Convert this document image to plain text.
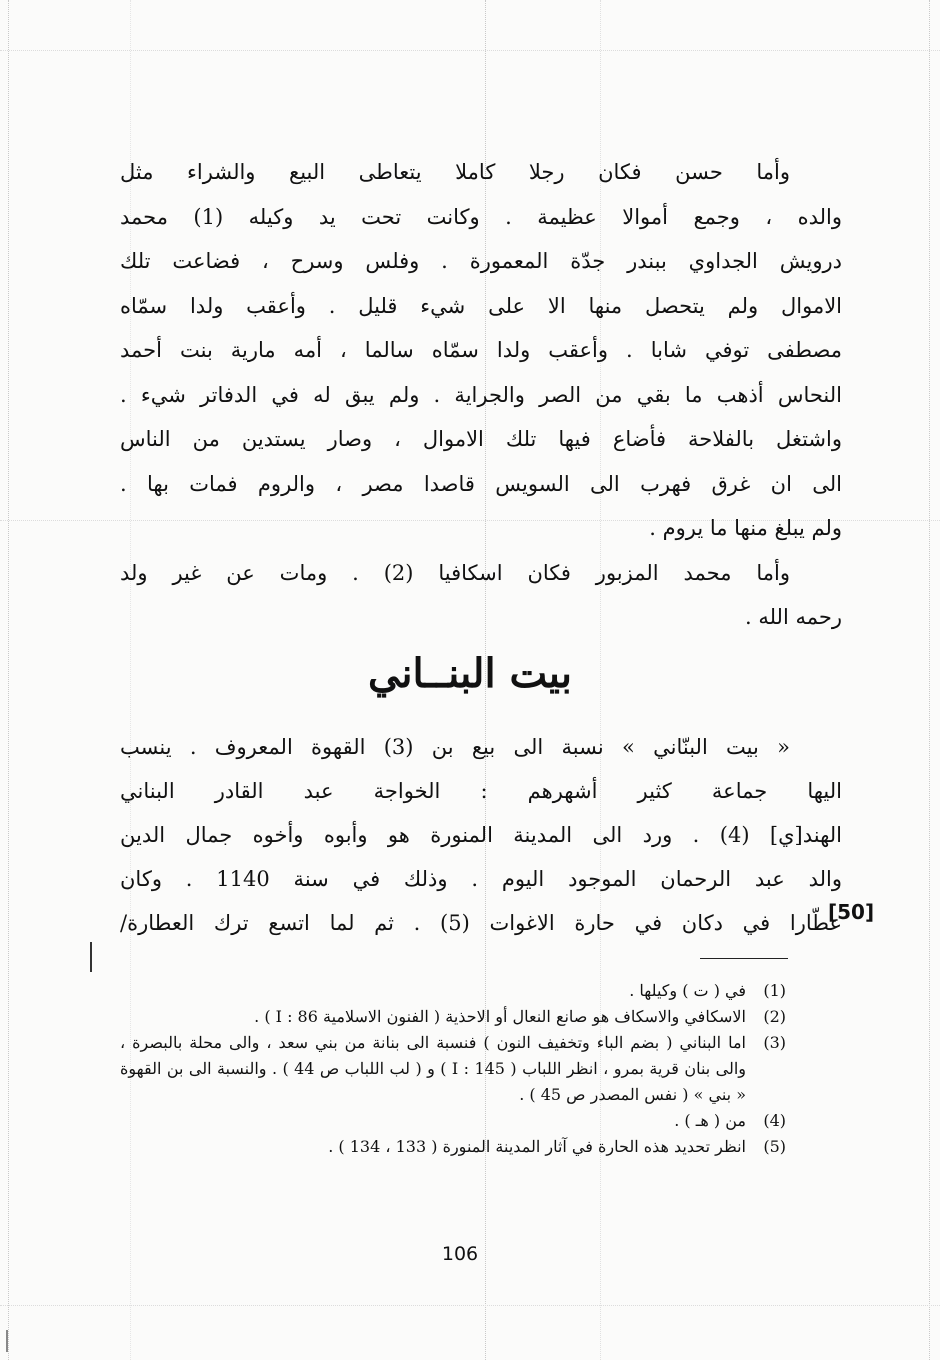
وأما حسن فكان رجلا كاملا يتعاطى البيع والشراء مثل
والده ، وجمع أموالا عظيمة . وكانت تحت يد وكيله (1) محمد
درويش الجداوي ببندر جدّة المعمورة . وفلس وسرح ، فضاعت تلك
الاموال ولم يتحصل منها الا على شيء قليل . وأعقب ولدا سمّاه
مصطفى توفي شابا . وأعقب ولدا سمّاه سالما ، أمه مارية بنت أحمد
النحاس أذهب ما بقي من الصر والجراية . ولم يبق له في الدفاتر شيء .
واشتغل بالفلاحة فأضاع فيها تلك الاموال ، وصار يستدين من الناس
الى ان غرق فهرب الى السويس قاصدا مصر ، والروم فمات بها .
ولم يبلغ منها ما يروم .
وأما محمد المزبور فكان اسكافيا (2) . ومات عن غير ولد
رحمه الله .
بيت البنــاني
« بيت البنّاني » نسبة الى بيع بن (3) القهوة المعروف . ينسب
اليها جماعة كثير أشهرهم : الخواجة عبد القادر البناني
الهند[ي] (4) . ورد الى المدينة المنورة هو وأبوه وأخوه جمال الدين
والد عبد الرحمان الموجود اليوم . وذلك في سنة 1140 . وكان
عطّارا في دكان في حارة الاغوات (5) . ثم لما اتسع ترك العطارة/
[50]
(1)
في ( ت ) وكيلها .
(2)
الاسكافي والاسكاف هو صانع النعال أو الاحذية ( الفنون الاسلامية I : 86 ) .
(3)
اما البناني ( بضم الباء وتخفيف النون ) فنسبة الى بنانة من بني سعد ، والى محلة بالبصرة ، والى بنان قرية بمرو ، انظر اللباب ( I : 145 ) و ( لب اللباب ص 44 ) . والنسبة الى بن القهوة « بني » ( نفس المصدر ص 45 ) .
(4)
من ( هـ ) .
(5)
انظر تحديد هذه الحارة في آثار المدينة المنورة ( 133 ، 134 ) .
106
